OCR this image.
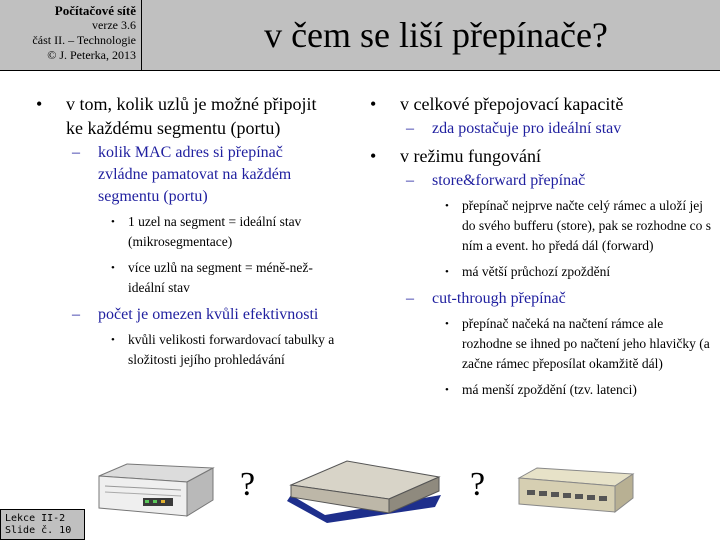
Počítačové sítě
verze 3.6
část II. – Technologie
© J. Peterka, 2013	v čem se liší přepínače?
• v tom, kolik uzlů je možné připojit ke každému segmentu (portu)
– kolik MAC adres si přepínač zvládne pamatovat na každém segmentu (portu)
• 1 uzel na segment = ideální stav (mikrosegmentace)
• více uzlů na segment = méně-než-ideální stav
– počet je omezen kvůli efektivnosti
• kvůli velikosti forwardovací tabulky a složitosti jejího prohledávání
• v celkové přepojovací kapacitě
– zda postačuje pro ideální stav
• v režimu fungování
– store&forward přepínač
• přepínač nejprve načte celý rámec a uloží jej do svého bufferu (store), pak se rozhodne co s ním a event. ho předá dál (forward)
• má větší průchozí zpoždění
– cut-through přepínač
• přepínač načeká na načtení rámce ale rozhodne se ihned po načtení jeho hlavičky (a začne rámec přeposílat okamžitě dál)
• má menší zpoždění (tzv. latenci)
?	?
Lekce II-2
Slide č. 10
